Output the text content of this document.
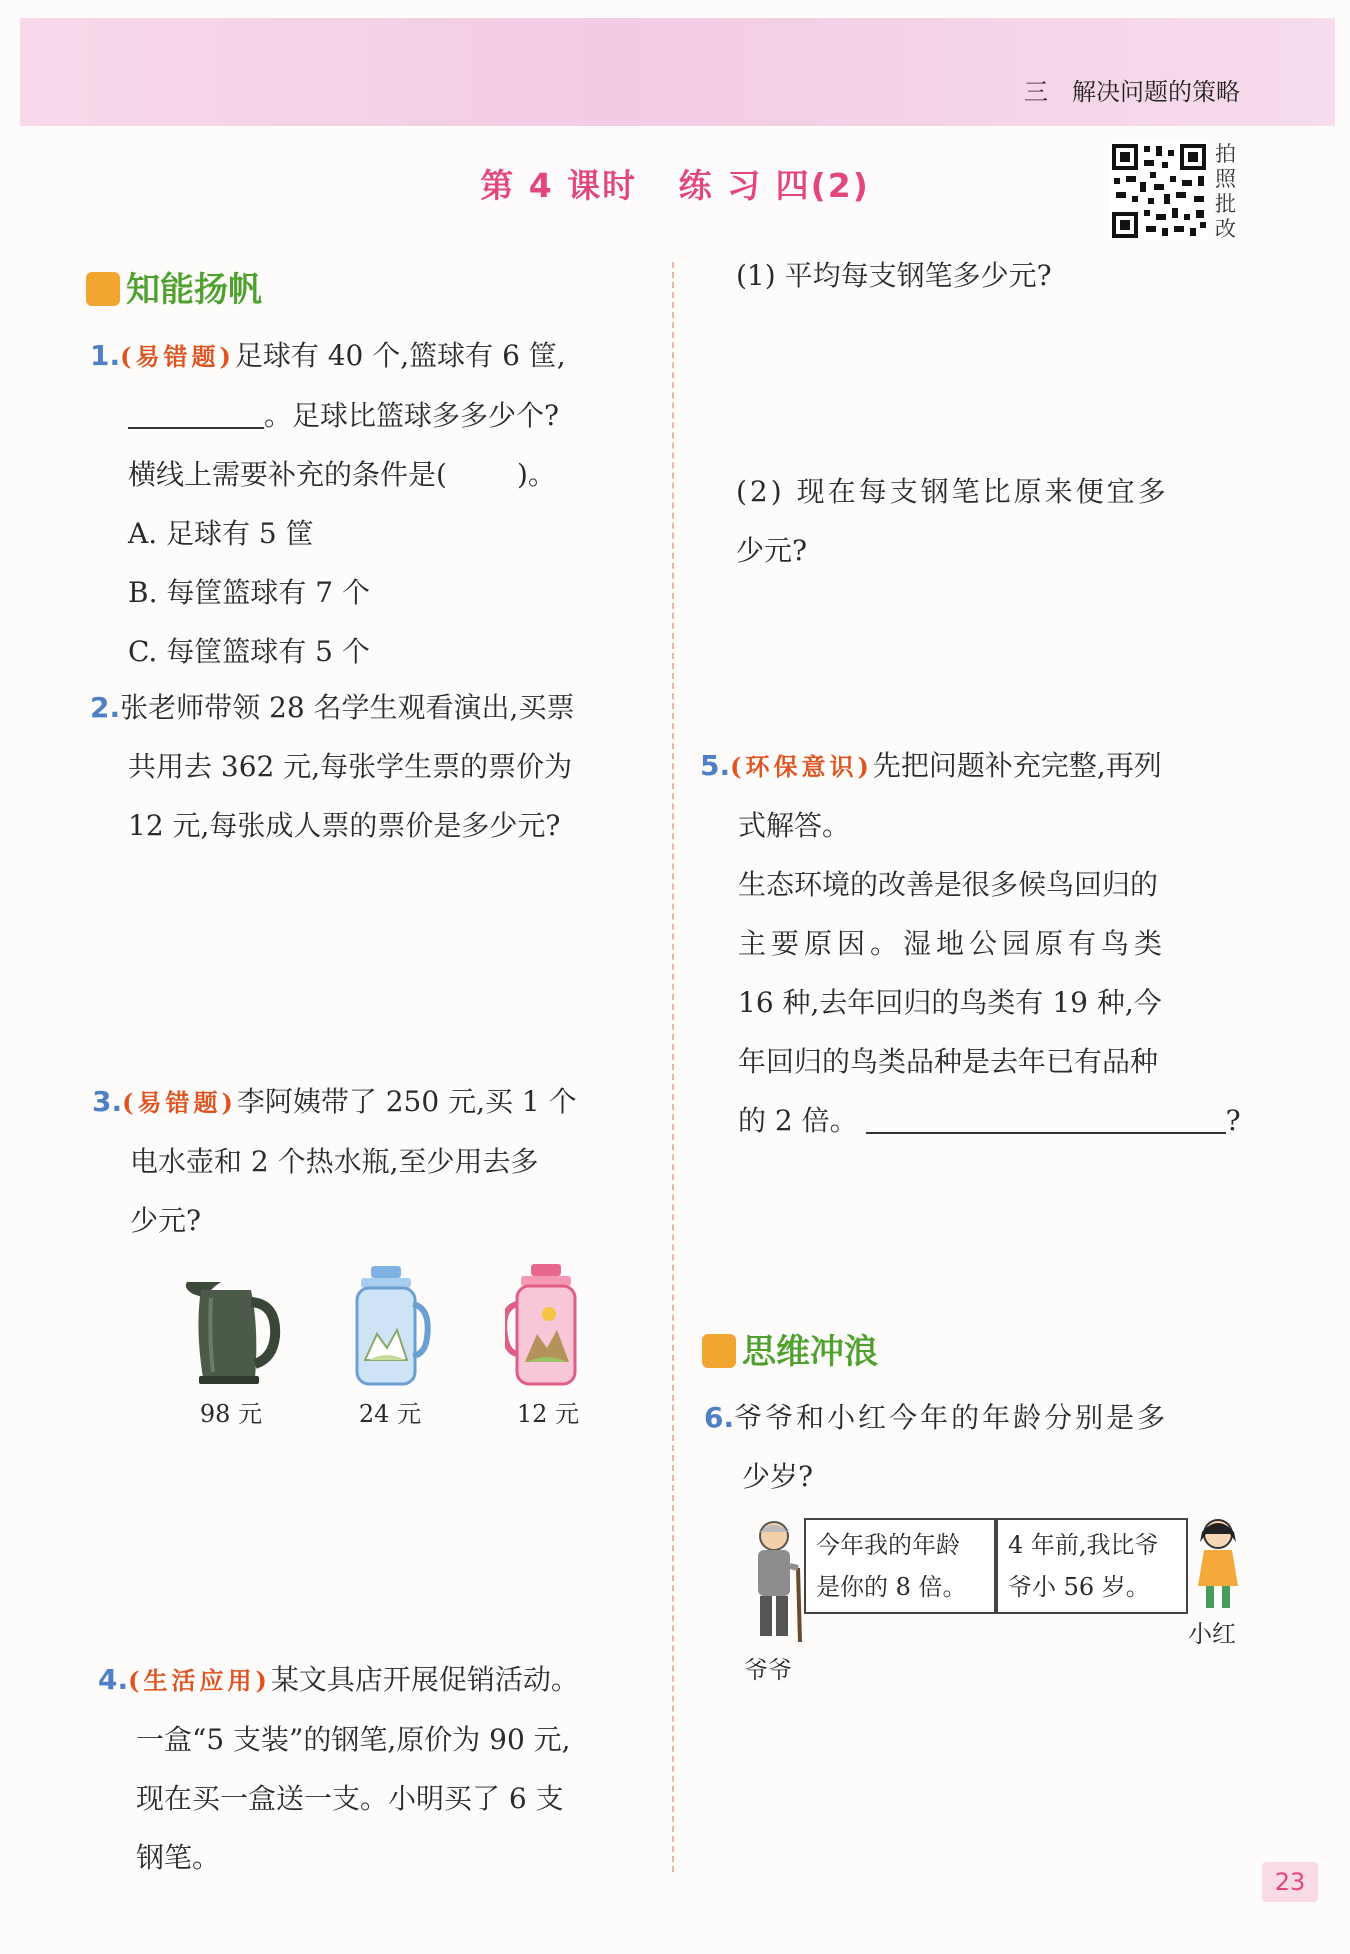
三　解决问题的策略
第 4 课时 练 习 四(2)
拍照批改
知能扬帆
1.(易错题)足球有 40 个,篮球有 6 筐,
。足球比篮球多多少个?
横线上需要补充的条件是(	)。
A. 足球有 5 筐
B. 每筐篮球有 7 个
C. 每筐篮球有 5 个
2.张老师带领 28 名学生观看演出,买票
共用去 362 元,每张学生票的票价为
12 元,每张成人票的票价是多少元?
3.(易错题)李阿姨带了 250 元,买 1 个
电水壶和 2 个热水瓶,至少用去多
少元?
98 元	24 元	12 元
4.(生活应用)某文具店开展促销活动。
一盒“5 支装”的钢笔,原价为 90 元,
现在买一盒送一支。小明买了 6 支
钢笔。
(1) 平均每支钢笔多少元?
(2) 现在每支钢笔比原来便宜多
少元?
5.(环保意识)先把问题补充完整,再列
式解答。
生态环境的改善是很多候鸟回归的
主要原因。湿地公园原有鸟类
16 种,去年回归的鸟类有 19 种,今
年回归的鸟类品种是去年已有品种
的 2 倍。	?
思维冲浪
6.爷爷和小红今年的年龄分别是多
少岁?
爷爷
今年我的年龄
是你的 8 倍。
4 年前,我比爷
爷小 56 岁。
小红
23
